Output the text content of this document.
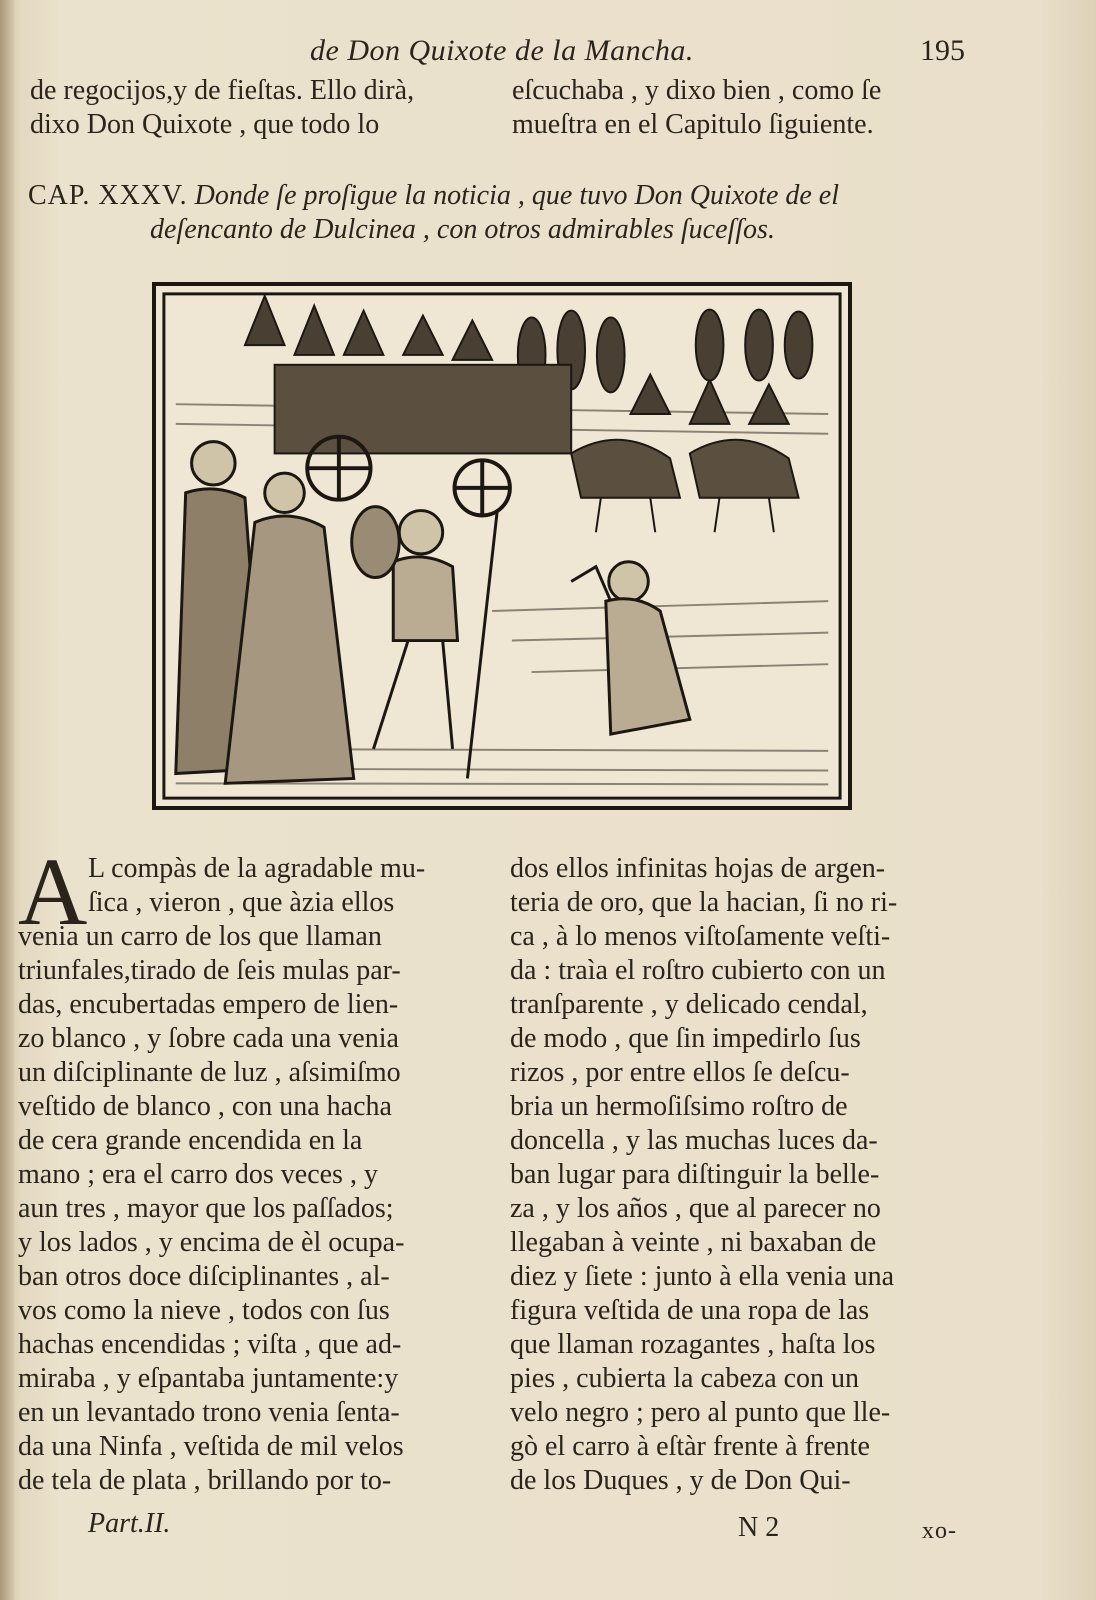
de Don Quixote de la Mancha.	195
de regocijos,y de fieſtas. Ello dirà,
dixo Don Quixote , que todo lo
eſcuchaba , y dixo bien , como ſe
mueſtra en el Capitulo ſiguiente.
CAP. XXXV. Donde ſe proſigue la noticia , que tuvo Don Quixote de el
deſencanto de Dulcinea , con otros admirables ſuceſſos.
A L compàs de la agradable mu-
ſica , vieron , que àzia ellos
venia un carro de los que llaman
triunfales,tirado de ſeis mulas par-
das, encubertadas empero de lien-
zo blanco , y ſobre cada una venia
un diſciplinante de luz , aſsimiſmo
veſtido de blanco , con una hacha
de cera grande encendida en la
mano ; era el carro dos veces , y
aun tres , mayor que los paſſados;
y los lados , y encima de èl ocupa-
ban otros doce diſciplinantes , al-
vos como la nieve , todos con ſus
hachas encendidas ; viſta , que ad-
miraba , y eſpantaba juntamente:y
en un levantado trono venia ſenta-
da una Ninfa , veſtida de mil velos
de tela de plata , brillando por to-
dos ellos infinitas hojas de argen-
teria de oro, que la hacian, ſi no ri-
ca , à lo menos viſtoſamente veſti-
da : traìa el roſtro cubierto con un
tranſparente , y delicado cendal,
de modo , que ſin impedirlo ſus
rizos , por entre ellos ſe deſcu-
bria un hermoſiſsimo roſtro de
doncella , y las muchas luces da-
ban lugar para diſtinguir la belle-
za , y los años , que al parecer no
llegaban à veinte , ni baxaban de
diez y ſiete : junto à ella venia una
figura veſtida de una ropa de las
que llaman rozagantes , haſta los
pies , cubierta la cabeza con un
velo negro ; pero al punto que lle-
gò el carro à eſtàr frente à frente
de los Duques , y de Don Qui-
Part.II.	N 2	xo-
